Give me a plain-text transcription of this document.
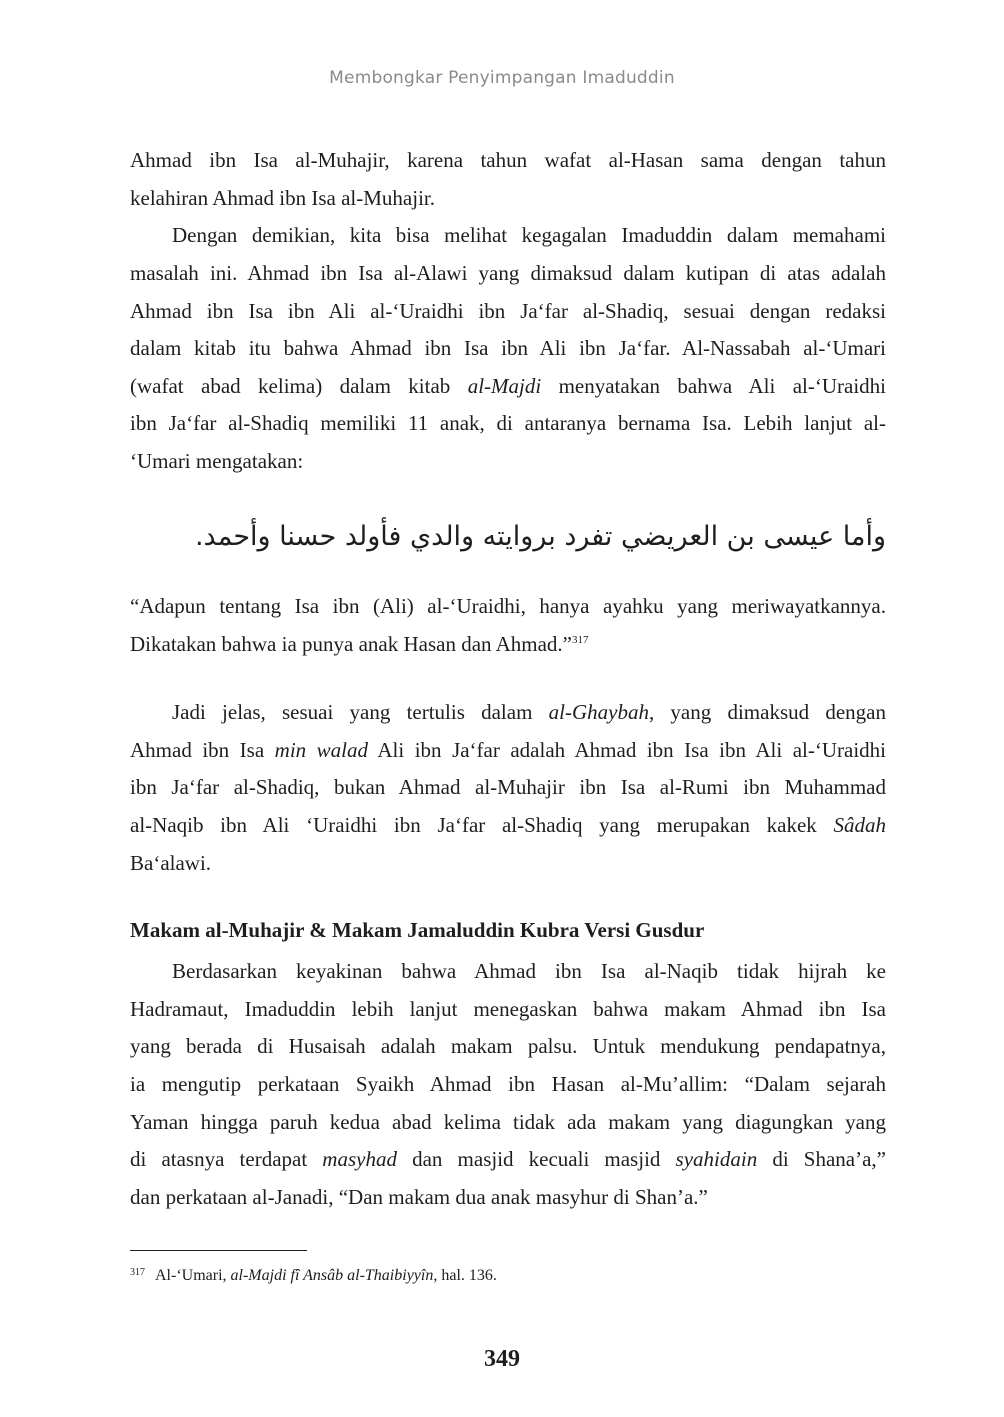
Membongkar Penyimpangan Imaduddin
Ahmad ibn Isa al-Muhajir, karena tahun wafat al-Hasan sama dengan tahun
kelahiran Ahmad ibn Isa al-Muhajir.
Dengan demikian, kita bisa melihat kegagalan Imaduddin dalam memahami
masalah ini. Ahmad ibn Isa al-Alawi yang dimaksud dalam kutipan di atas adalah
Ahmad ibn Isa ibn Ali al-‘Uraidhi ibn Ja‘far al-Shadiq, sesuai dengan redaksi
dalam kitab itu bahwa Ahmad ibn Isa ibn Ali ibn Ja‘far. Al-Nassabah al-‘Umari
(wafat abad kelima) dalam kitab al-Majdi menyatakan bahwa Ali al-‘Uraidhi
ibn Ja‘far al-Shadiq memiliki 11 anak, di antaranya bernama Isa. Lebih lanjut al-
‘Umari mengatakan:
وأما عيسى بن العريضي تفرد بروايته والدي فأولد حسنا وأحمد.
“Adapun tentang Isa ibn (Ali) al-‘Uraidhi, hanya ayahku yang meriwayatkannya.
Dikatakan bahwa ia punya anak Hasan dan Ahmad.”$^{317}$
Jadi jelas, sesuai yang tertulis dalam al-Ghaybah, yang dimaksud dengan
Ahmad ibn Isa min walad Ali ibn Ja‘far adalah Ahmad ibn Isa ibn Ali al-‘Uraidhi
ibn Ja‘far al-Shadiq, bukan Ahmad al-Muhajir ibn Isa al-Rumi ibn Muhammad
al-Naqib ibn Ali ‘Uraidhi ibn Ja‘far al-Shadiq yang merupakan kakek Sâdah
Ba‘alawi.
Makam al-Muhajir & Makam Jamaluddin Kubra Versi Gusdur
Berdasarkan keyakinan bahwa Ahmad ibn Isa al-Naqib tidak hijrah ke
Hadramaut, Imaduddin lebih lanjut menegaskan bahwa makam Ahmad ibn Isa
yang berada di Husaisah adalah makam palsu. Untuk mendukung pendapatnya,
ia mengutip perkataan Syaikh Ahmad ibn Hasan al-Mu’allim: “Dalam sejarah
Yaman hingga paruh kedua abad kelima tidak ada makam yang diagungkan yang
di atasnya terdapat masyhad dan masjid kecuali masjid syahidain di Shana’a,”
dan perkataan al-Janadi, “Dan makam dua anak masyhur di Shan’a.”
$^{317}$ Al-‘Umari, al-Majdi fî Ansâb al-Thaibiyyîn, hal. 136.
349
